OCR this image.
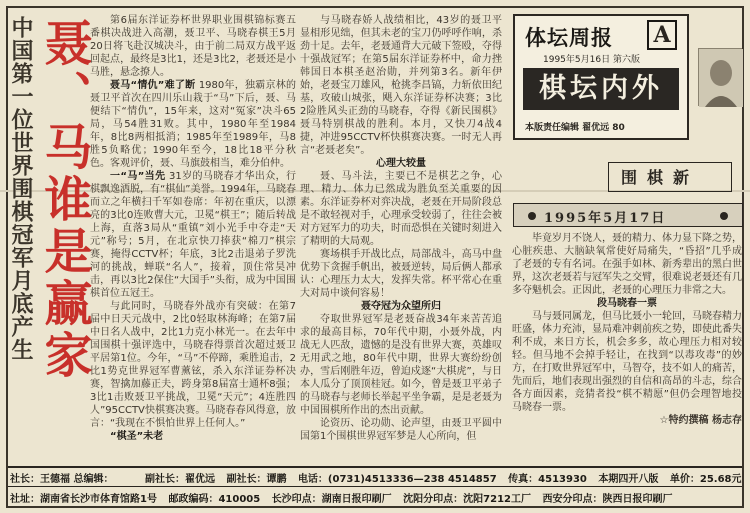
中国第一位世界围棋冠军月底产生 聂、马谁是赢家	第6届东洋证券杯世界职业围棋锦标赛五番棋决战进入高潮，聂卫平、马晓春棋王5月20日将飞赴汉城决斗，由于前二局双方战平返回起点，最终是3比1，还是3比2，老聂还是小马胜，悬念撩人。

聂马“情仇”难了断 1980年，独霸京林的聂卫平首次在四川乐山栽于“马”下后，聂、马便结下“情仇”，15年来，这对“冤家”决斗65局，马54胜31败。其中，1980年至1984年，8比8两相抵消；1985年至1989年，马8胜5负略优；1990年至今，18比18平分秋色。客观评价，聂、马旗鼓相当，难分伯仲。

一“马”当先 31岁的马晓春才华出众，行棋飘逸洒脱，有“棋仙”美誉。1994年，马晓春而立之年横扫千军如卷席：年初在重庆，以漂亮的3比0连败曹大元，卫冕“棋王”；随后转战上海，直落3局从“重镇”刘小光手中夺走“天元”称号；5月，在北京快刀捧获“棉刀”棋宗赛，掩得CCTV杯；年底，3比2击退弟子罗洗河的挑战，蝉联“名人”，接着，顶住常昊冲击，再以3比2保住“大国手”头衔，成为中国围棋首位五冠王。

与此同时，马晓春外战亦有突破：在第7届中日天元战中，2比0轻取林海峰；在第7届中日名人战中，2比1力克小林光一。在去年中国围棋十强评选中，马晓春得票首次超过聂卫平居第1位。今年，“马”不停蹄，乘胜追击，2比1势克世界冠军曹薰铉，杀入东洋证券杯决赛，智擒加藤正夫，跨身第8届富士通杯8强；3比1击败聂卫平挑战，卫冕“天元”；4连胜四人”95CCTV快棋赛决赛。马晓春春风得意，放言：“我现在不惧怕世界上任何人。”

“棋圣”未老

与马晓春娇人战绩相比，43岁的聂卫平显相形见绌，但其未老的宝刀仍呼呼作响，杀劲十足。去年，老聂通背大元破下签殴，夺得十强战冠军；在第5届东洋证券杯中，命力挫韩国日本棋圣赵治勋，并列第3名。新年伊始，老聂宝刀雄风，枪挑李昌镐，力斩依田纪基，攻破山城张，飓入东洋证券杯决赛；3比2险胜风头正劲的马晓春，夺得《新民围棋》聂马特别棋战的胜利。本月，又快刀4战4捷，冲进95CCTV杯快棋赛决赛。一时无人再言“老聂老矣”。

心理大较量

聂、马斗法，主要已不是棋艺之争，心理、精力、体力已然成为胜负至关重要的因素。东洋证券杯对弈决战，老聂在开局阶段总是不敢轻视对手，心理承受较弱了，往往会被对方冠军力的功夫，时而恐惧在关键时刻进入了精明的大局观。

赛场棋手开战比点，局部战斗，高马中盘优势下贪握手帆出，被聂逆转，局后俩人都承认：心理压力太大，发挥失常。杯平常心在重大对局中谈何容易！

聂夺冠为众望所归

夺取世界冠军是老聂奋战34年来苦苦追求的最高目标，70年代中期，小聂外战，内战无人匹敌，遗憾的是没有世界大赛，英雄叹无用武之地，80年代中期，世界大赛纷纷创办，雪后刚胜年迈，曾迫戍逐“大棋虎”，与日本人瓜分了顶顶桂冠。如今，曾是聂卫平弟子的马晓春与老师长举起平坐争霸，是是老聂为中国围棋所作出的杰出贡献。

论资历、论功勋、论声望，由聂卫平圆中国第1个围棋世界冠军梦是人心所向，但

体坛周报 A
1995年5月16日 第六版
棋坛内外
本版责任编辑 翟优远 80
围棋新
1995年5月17日

毕竟岁月不饶人，聂的精力、体力显下降之势，心脏疾患、大脑缺氧常使好局痛失，“昏招”几乎成了老聂的专有名词。在强手如林、新秀辈出的黑白世界，这次老聂若与冠军失之交臂，很难说老聂还有几多夺魁机会。正因此，老聂的心理压力非常之大。

段马晓春一票

马与聂同属龙，但马比聂小一轮回，马晓春精力旺盛，体力充沛，显局难冲刺前疾之势，即使此番失利不成，来日方长，机会多多，故心理压力相对较轻。但马地不会掉手轻让，在找到“以毒攻毒”的妙方，在打败世界冠军中，马智夺，技不如人的痛苦，先而后，地们表现出强烈的自信和高昂的斗志，综合各方面因素，竞猜者投“棋不精愿”但仍会理智地投马晓春一票。

☆特约撰稿 杨志存

社长：王德福 总编辑：	副社长：翟优远 副社长：谭鹏 电话：(0731)4513336—238 4514857 传真：4513930 本期四开八版 单价：25.68元
社址：湖南省长沙市体育馆路1号 邮政编码：410005 长沙印点：湖南日报印刷厂 沈阳分印点：沈阳7212工厂 西安分印点：陕西日报印刷厂
